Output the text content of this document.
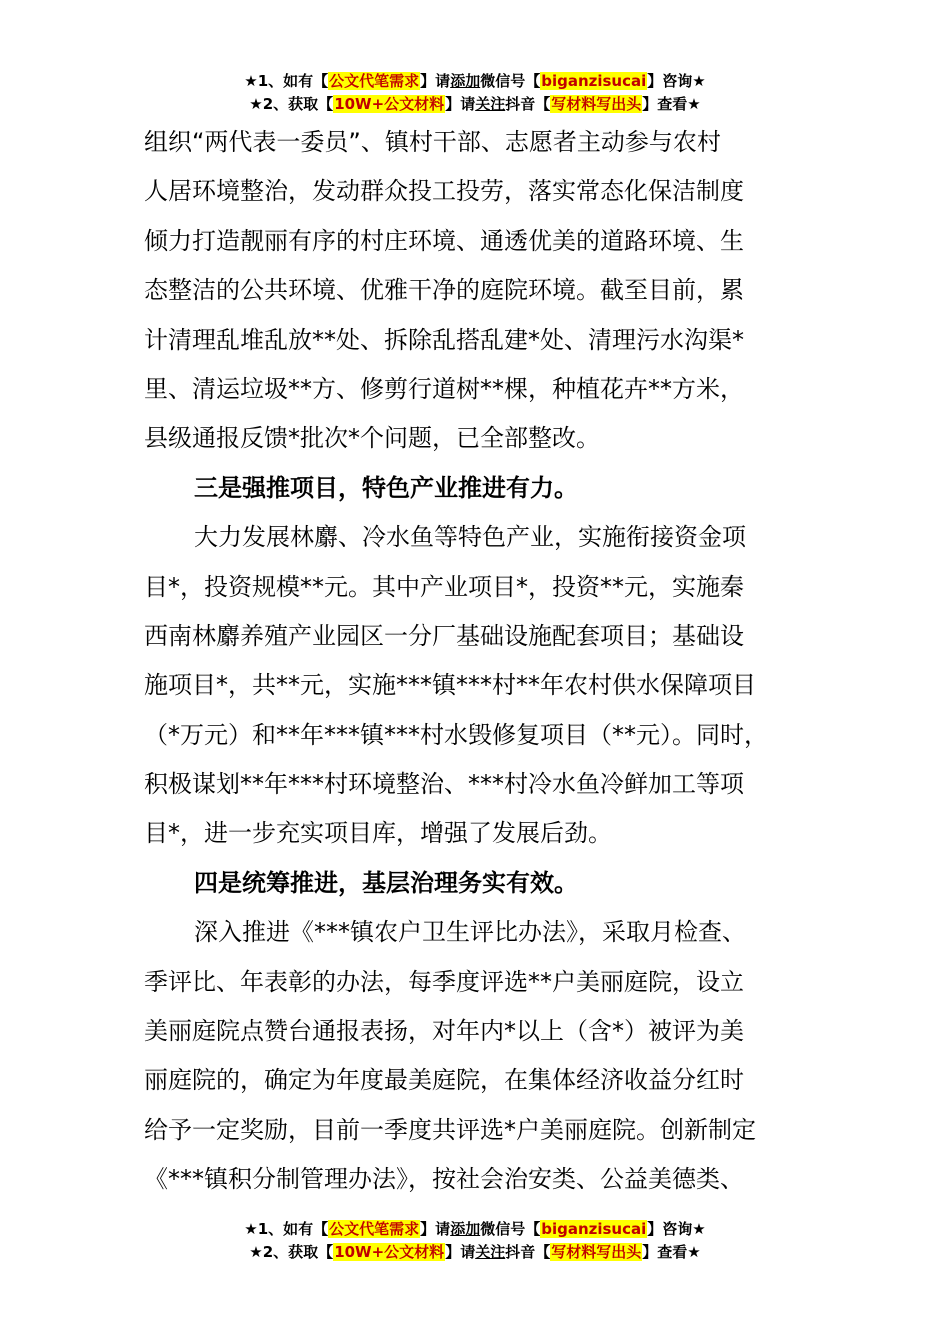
★1、如有【公文代笔需求】请添加微信号【biganzisucai】咨询★
★2、获取【10W+公文材料】请关注抖音【写材料写出头】查看★
组织“两代表一委员”、镇村干部、志愿者主动参与农村
人居环境整治，发动群众投工投劳，落实常态化保洁制度
倾力打造靓丽有序的村庄环境、通透优美的道路环境、生
态整洁的公共环境、优雅干净的庭院环境。截至目前，累
计清理乱堆乱放**处、拆除乱搭乱建*处、清理污水沟渠*
里、清运垃圾**方、修剪行道树**棵，种植花卉**方米，
县级通报反馈*批次*个问题，已全部整改。
三是强推项目，特色产业推进有力。
大力发展林麝、冷水鱼等特色产业，实施衔接资金项
目*，投资规模**元。其中产业项目*，投资**元，实施秦
西南林麝养殖产业园区一分厂基础设施配套项目；基础设
施项目*，共**元，实施***镇***村**年农村供水保障项目
（*万元）和**年***镇***村水毁修复项目（**元）。同时，
积极谋划**年***村环境整治、***村冷水鱼冷鲜加工等项
目*，进一步充实项目库，增强了发展后劲。
四是统筹推进，基层治理务实有效。
深入推进《***镇农户卫生评比办法》，采取月检查、
季评比、年表彰的办法，每季度评选**户美丽庭院，设立
美丽庭院点赞台通报表扬，对年内*以上（含*）被评为美
丽庭院的，确定为年度最美庭院，在集体经济收益分红时
给予一定奖励，目前一季度共评选*户美丽庭院。创新制定
《***镇积分制管理办法》，按社会治安类、公益美德类、
★1、如有【公文代笔需求】请添加微信号【biganzisucai】咨询★
★2、获取【10W+公文材料】请关注抖音【写材料写出头】查看★
